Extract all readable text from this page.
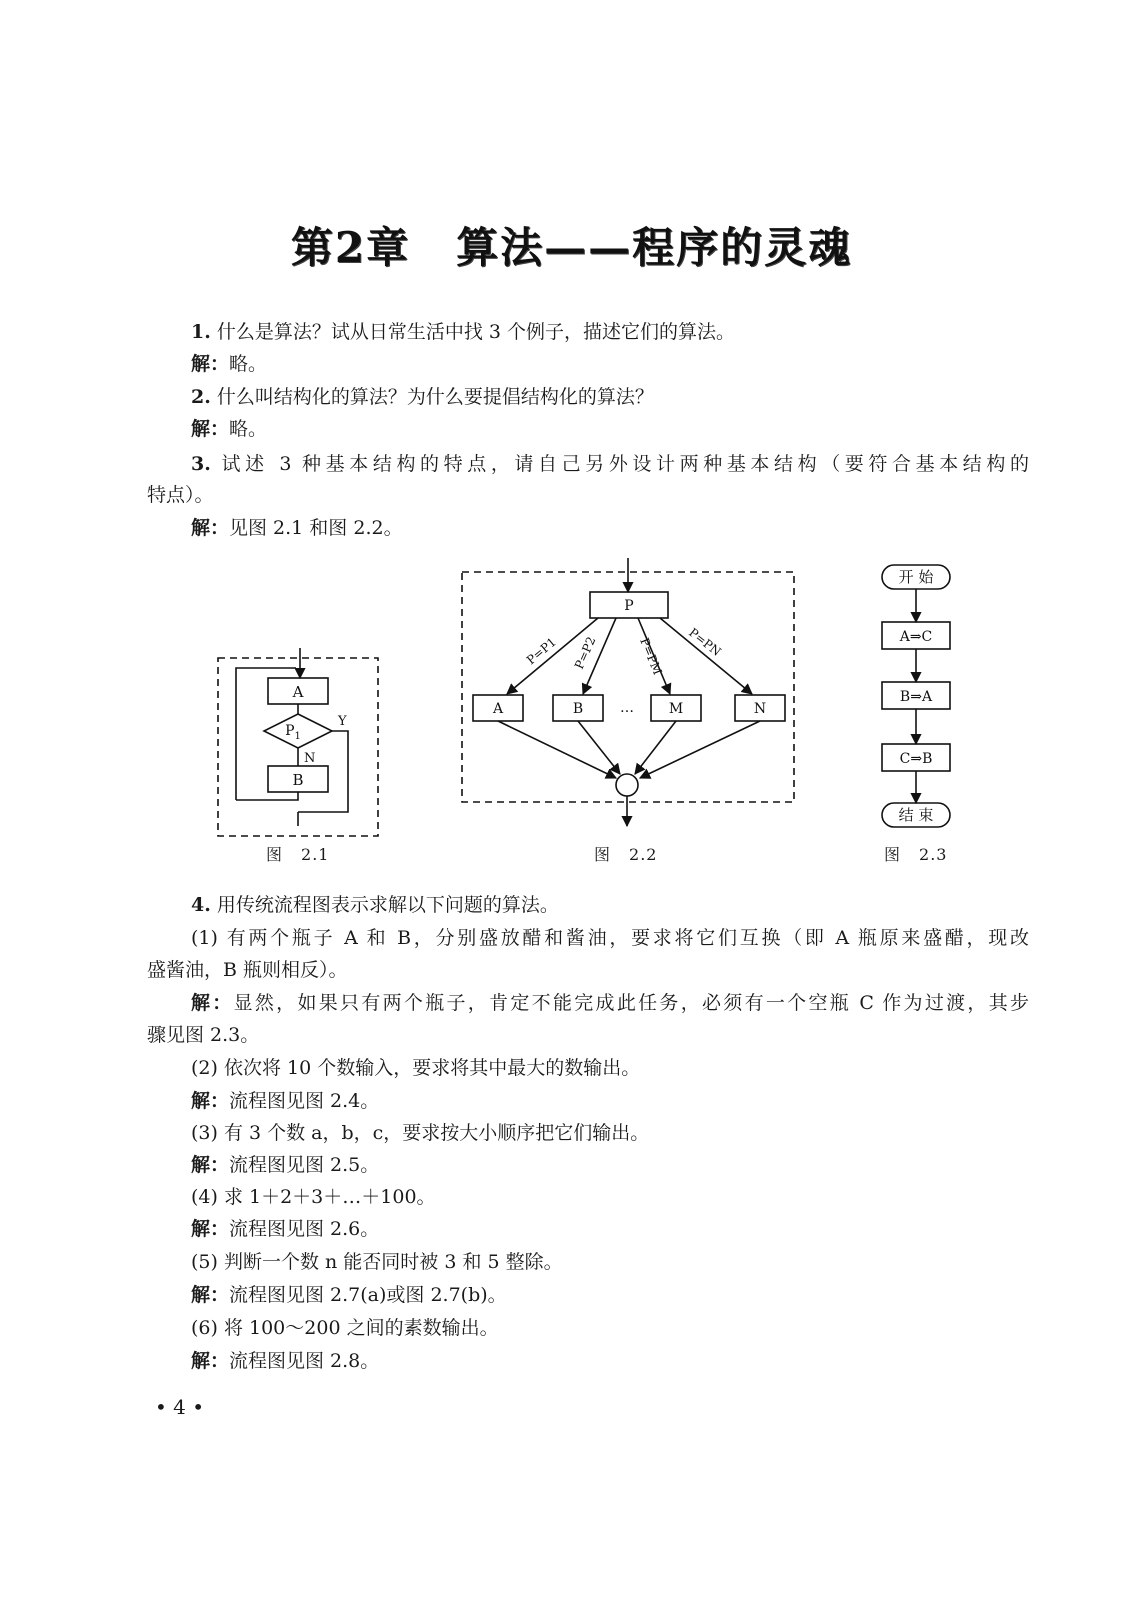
第2章 算法——程序的灵魂
1. 什么是算法？试从日常生活中找 3 个例子，描述它们的算法。
解：略。
2. 什么叫结构化的算法？为什么要提倡结构化的算法？
解：略。
3. 试述 3 种基本结构的特点，请自己另外设计两种基本结构（要符合基本结构的
特点）。
解：见图 2.1 和图 2.2。
A
B
$P_1$
Y
N
P
A	B	… M	N
P=P1 P=P2	P=PM P=PN
开 始
A⇒C
B⇒A
C⇒B
结 束
图 2.1	图 2.2	图 2.3
4. 用传统流程图表示求解以下问题的算法。
(1) 有两个瓶子 A 和 B，分别盛放醋和酱油，要求将它们互换（即 A 瓶原来盛醋，现改
盛酱油，B 瓶则相反）。
解：显然，如果只有两个瓶子，肯定不能完成此任务，必须有一个空瓶 C 作为过渡，其步
骤见图 2.3。
(2) 依次将 10 个数输入，要求将其中最大的数输出。
解：流程图见图 2.4。
(3) 有 3 个数 a，b，c，要求按大小顺序把它们输出。
解：流程图见图 2.5。
(4) 求 1＋2＋3＋…＋100。
解：流程图见图 2.6。
(5) 判断一个数 n 能否同时被 3 和 5 整除。
解：流程图见图 2.7(a)或图 2.7(b)。
(6) 将 100～200 之间的素数输出。
解：流程图见图 2.8。
• 4 •
